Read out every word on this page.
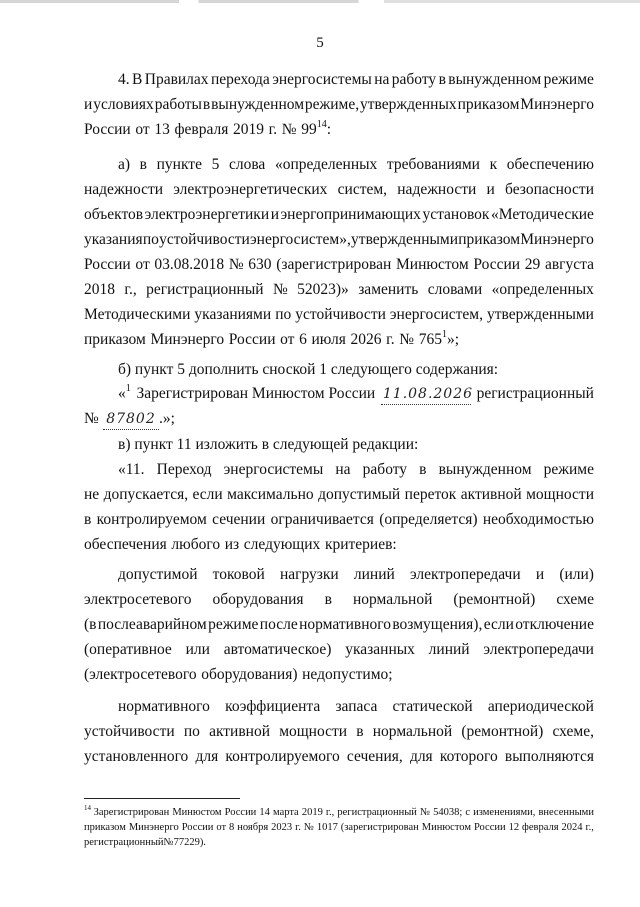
5
4. В Правилах перехода энергосистемы на работу в вынужденном режиме
и условиях работы в вынужденном режиме, утвержденных приказом Минэнерго
России от 13 февраля 2019 г. № $99^{14}$:
а) в пункте 5 слова «определенных требованиями к обеспечению
надежности электроэнергетических систем, надежности и безопасности
объектов электроэнергетики и энергопринимающих установок «Методические
указания по устойчивости энергосистем», утвержденными приказом Минэнерго
России от 03.08.2018 № 630 (зарегистрирован Минюстом России 29 августа
2018 г., регистрационный № 52023)» заменить словами «определенных
Методическими указаниями по устойчивости энергосистем, утвержденными
приказом Минэнерго России от 6 июля 2026 г. № $765^1$»;
б) пункт 5 дополнить сноской 1 следующего содержания:
«$^1$ Зарегистрирован Минюстом России 11.08.2026 регистрационный
№ 87802 .»;
в) пункт 11 изложить в следующей редакции:
«11. Переход энергосистемы на работу в вынужденном режиме
не допускается, если максимально допустимый переток активной мощности
в контролируемом сечении ограничивается (определяется) необходимостью
обеспечения любого из следующих критериев:
допустимой токовой нагрузки линий электропередачи и (или)
электросетевого оборудования в нормальной (ремонтной) схеме
(в послеаварийном режиме после нормативного возмущения), если отключение
(оперативное или автоматическое) указанных линий электропередачи
(электросетевого оборудования) недопустимо;
нормативного коэффициента запаса статической апериодической
устойчивости по активной мощности в нормальной (ремонтной) схеме,
установленного для контролируемого сечения, для которого выполняются
$^{14}$ Зарегистрирован Минюстом России 14 марта 2019 г., регистрационный № 54038; с изменениями, внесенными
приказом Минэнерго России от 8 ноября 2023 г. № 1017 (зарегистрирован Минюстом России 12 февраля 2024 г.,
регистрационный № 77229).
